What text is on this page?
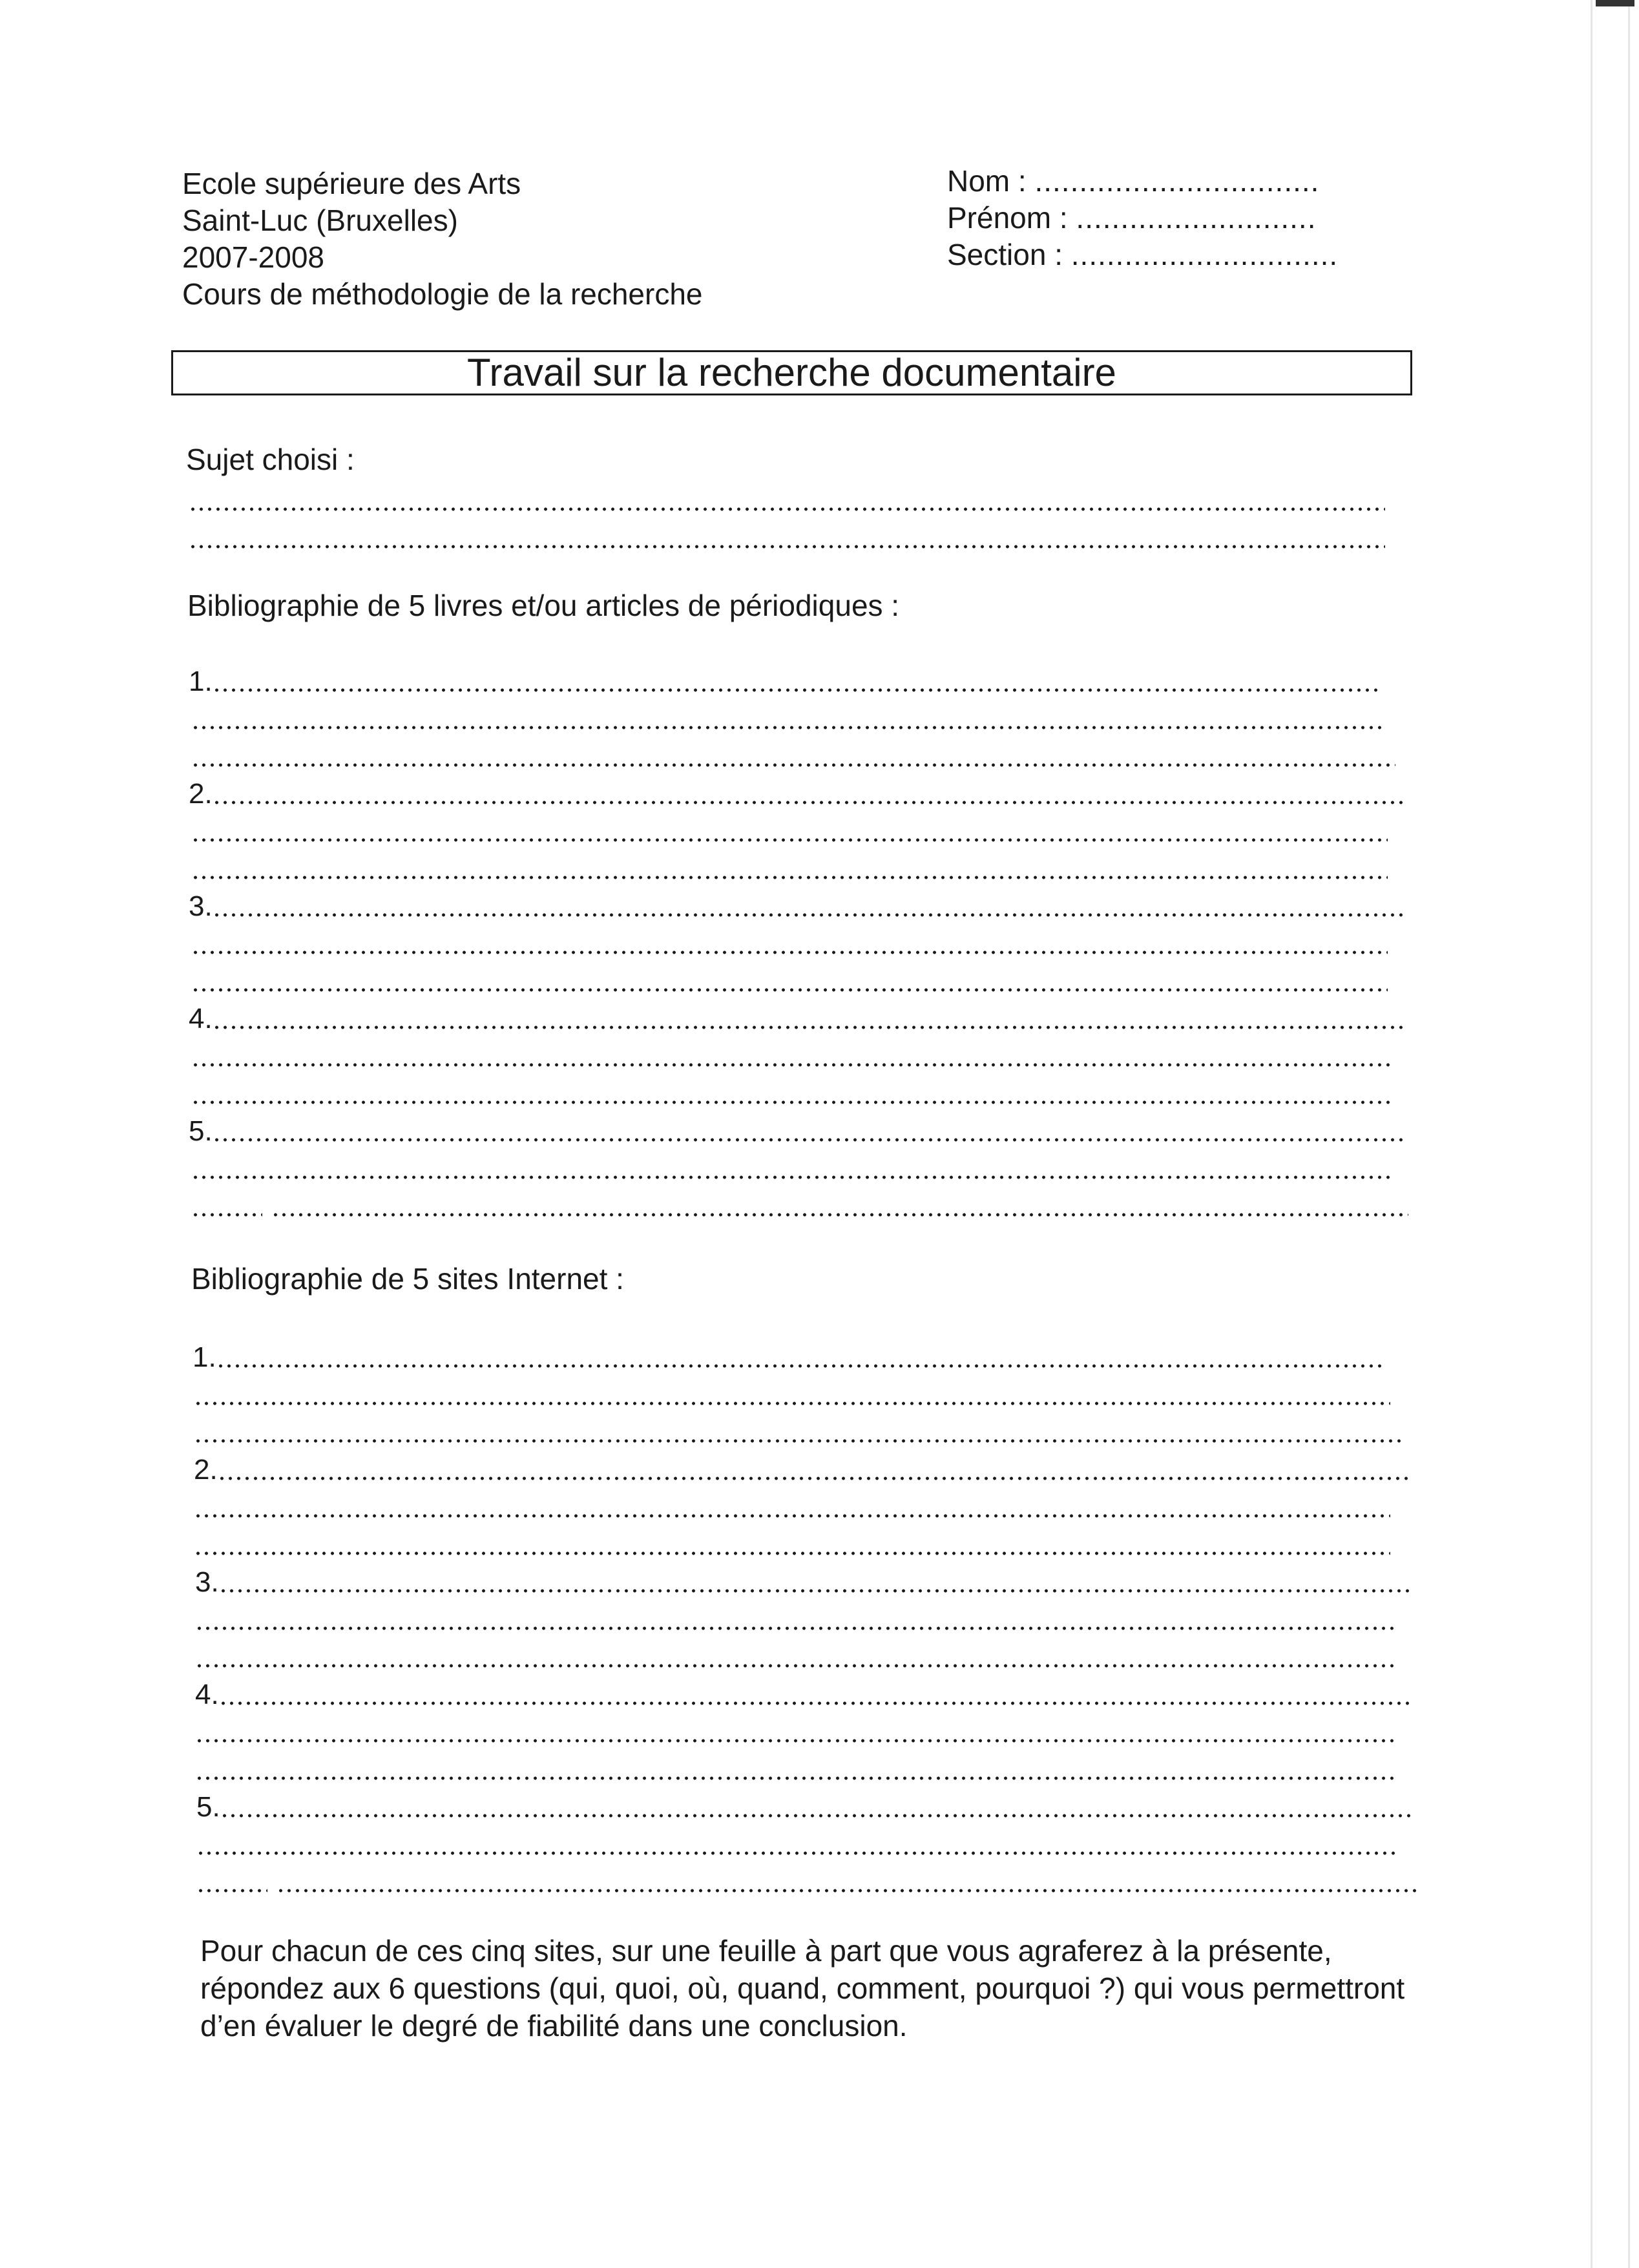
Ecole supérieure des Arts
Saint-Luc (Bruxelles)
2007-2008
Cours de méthodologie de la recherche
Nom : ................................
Prénom : ...........................
Section : ..............................
Travail sur la recherche documentaire
Sujet choisi :
Bibliographie de 5 livres et/ou articles de périodiques :
1.
2.
3.
4.
5.
Bibliographie de 5 sites Internet :
1.
2.
3.
4.
5.
Pour chacun de ces cinq sites, sur une feuille à part que vous agraferez à la présente, répondez aux 6 questions (qui, quoi, où, quand, comment, pourquoi ?) qui vous permettront d’en évaluer le degré de fiabilité dans une conclusion.
